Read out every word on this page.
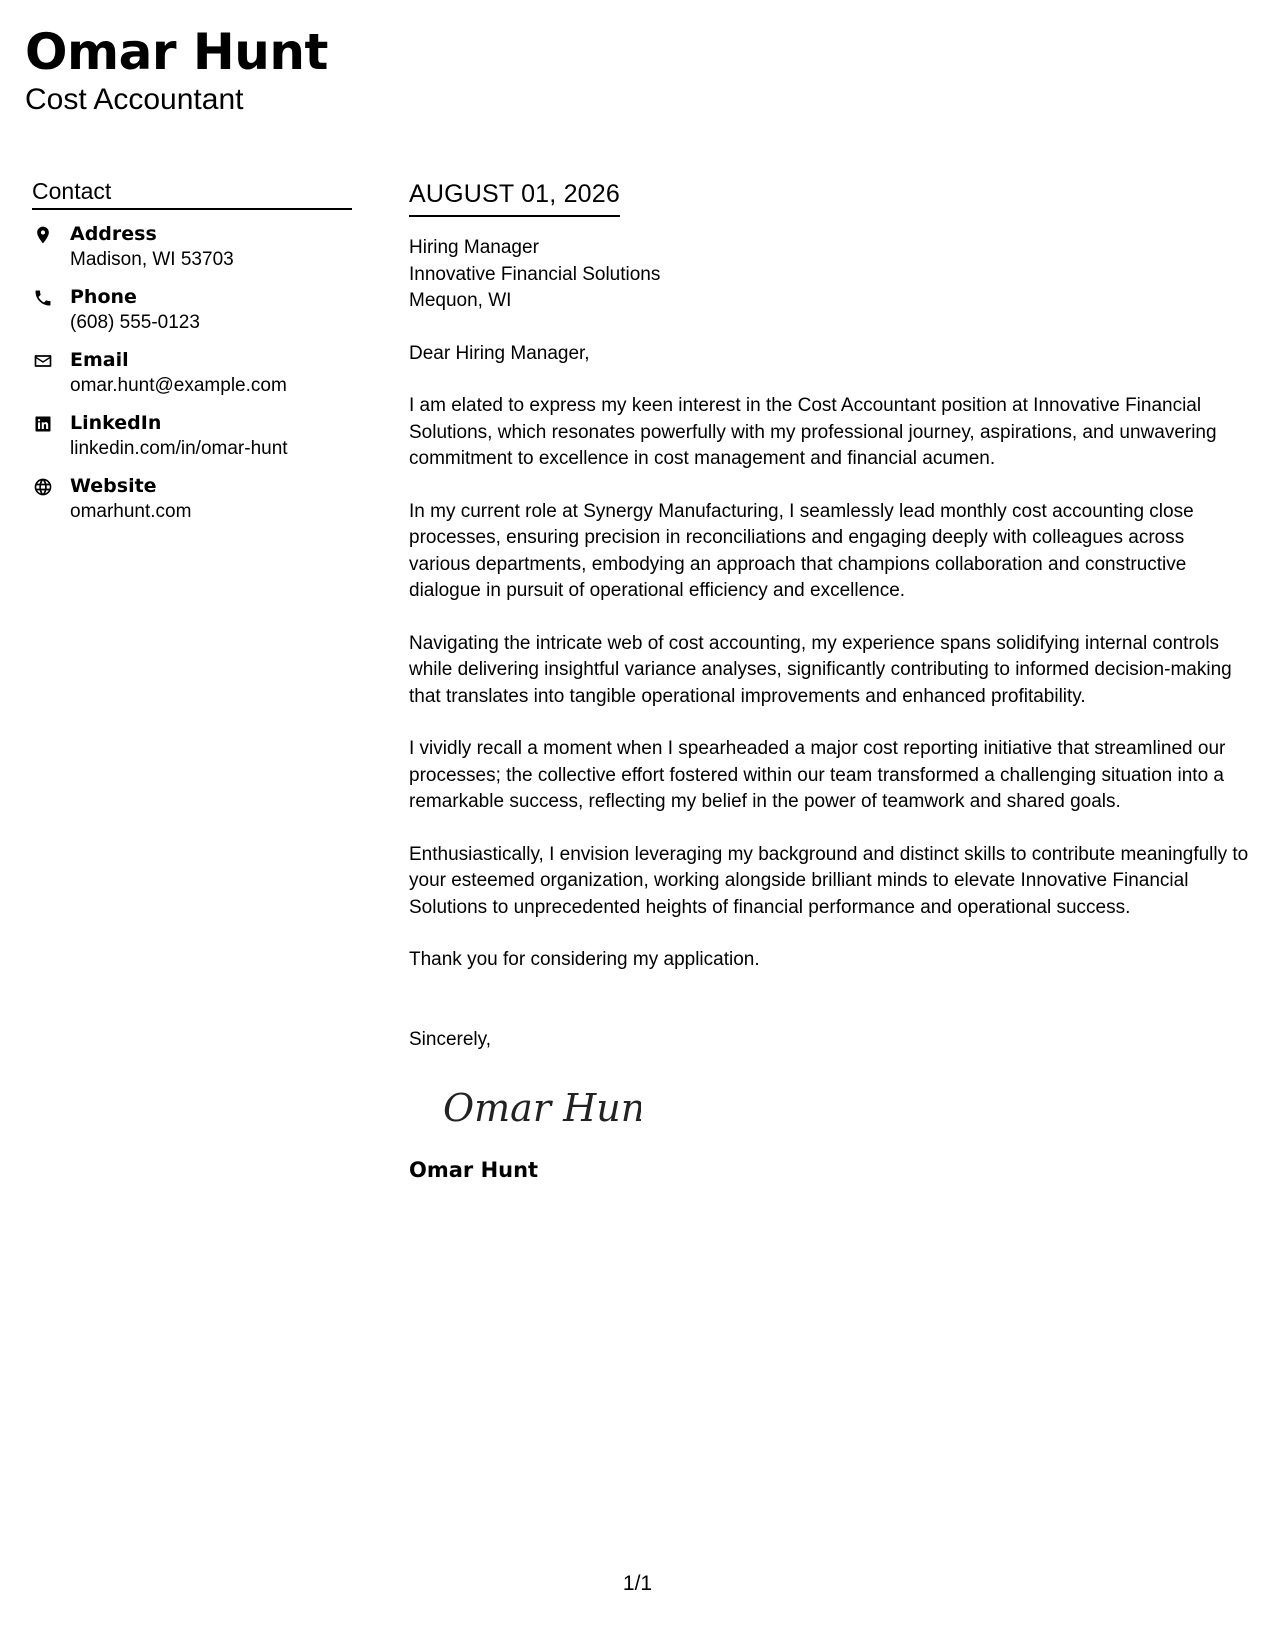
Omar Hunt
Cost Accountant
Contact
Address
Madison, WI 53703
Phone
(608) 555-0123
Email
omar.hunt@example.com
LinkedIn
linkedin.com/in/omar-hunt
Website
omarhunt.com
AUGUST 01, 2026
Hiring Manager
Innovative Financial Solutions
Mequon, WI
Dear Hiring Manager,
I am elated to express my keen interest in the Cost Accountant position at Innovative Financial Solutions, which resonates powerfully with my professional journey, aspirations, and unwavering commitment to excellence in cost management and financial acumen.
In my current role at Synergy Manufacturing, I seamlessly lead monthly cost accounting close processes, ensuring precision in reconciliations and engaging deeply with colleagues across various departments, embodying an approach that champions collaboration and constructive dialogue in pursuit of operational efficiency and excellence.
Navigating the intricate web of cost accounting, my experience spans solidifying internal controls while delivering insightful variance analyses, significantly contributing to informed decision-making that translates into tangible operational improvements and enhanced profitability.
I vividly recall a moment when I spearheaded a major cost reporting initiative that streamlined our processes; the collective effort fostered within our team transformed a challenging situation into a remarkable success, reflecting my belief in the power of teamwork and shared goals.
Enthusiastically, I envision leveraging my background and distinct skills to contribute meaningfully to your esteemed organization, working alongside brilliant minds to elevate Innovative Financial Solutions to unprecedented heights of financial performance and operational success.
Thank you for considering my application.
Sincerely,
Omar Hunt
Omar Hunt
1/1
